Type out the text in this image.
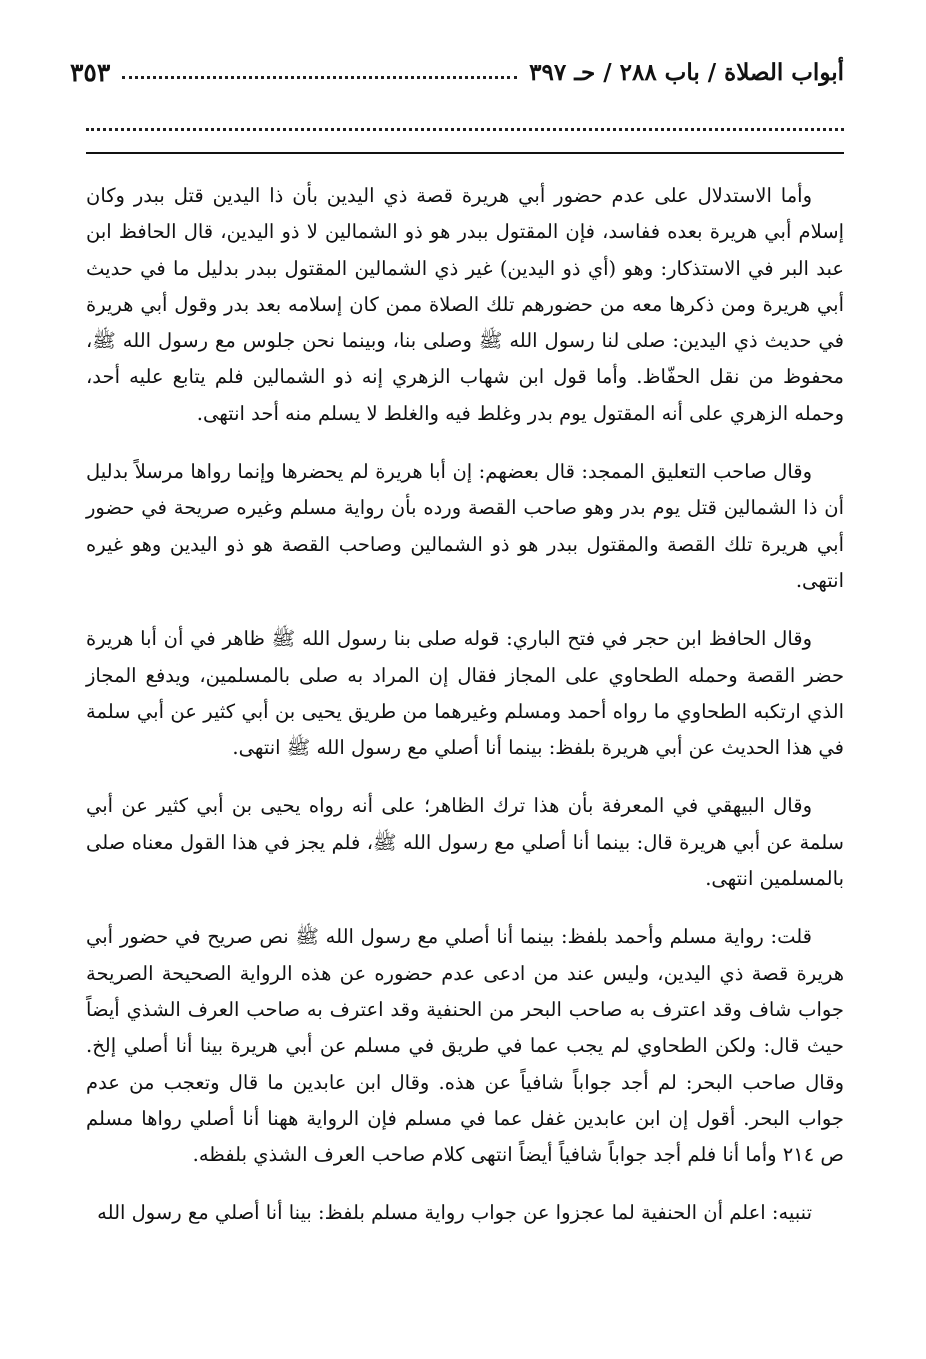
أبواب الصلاة / باب ٢٨٨ / حـ ٣٩٧
٣٥٣

وأما الاستدلال على عدم حضور أبي هريرة قصة ذي اليدين بأن ذا اليدين قتل ببدر وكان إسلام أبي هريرة بعده ففاسد، فإن المقتول ببدر هو ذو الشمالين لا ذو اليدين، قال الحافظ ابن عبد البر في الاستذكار: وهو (أي ذو اليدين) غير ذي الشمالين المقتول ببدر بدليل ما في حديث أبي هريرة ومن ذكرها معه من حضورهم تلك الصلاة ممن كان إسلامه بعد بدر وقول أبي هريرة في حديث ذي اليدين: صلى لنا رسول الله ﷺ وصلى بنا، وبينما نحن جلوس مع رسول الله ﷺ، محفوظ من نقل الحفّاظ. وأما قول ابن شهاب الزهري إنه ذو الشمالين فلم يتابع عليه أحد، وحمله الزهري على أنه المقتول يوم بدر وغلط فيه والغلط لا يسلم منه أحد انتهى.

وقال صاحب التعليق الممجد: قال بعضهم: إن أبا هريرة لم يحضرها وإنما رواها مرسلاً بدليل أن ذا الشمالين قتل يوم بدر وهو صاحب القصة ورده بأن رواية مسلم وغيره صريحة في حضور أبي هريرة تلك القصة والمقتول ببدر هو ذو الشمالين وصاحب القصة هو ذو اليدين وهو غيره انتهى.

وقال الحافظ ابن حجر في فتح الباري: قوله صلى بنا رسول الله ﷺ ظاهر في أن أبا هريرة حضر القصة وحمله الطحاوي على المجاز فقال إن المراد به صلى بالمسلمين، ويدفع المجاز الذي ارتكبه الطحاوي ما رواه أحمد ومسلم وغيرهما من طريق يحيى بن أبي كثير عن أبي سلمة في هذا الحديث عن أبي هريرة بلفظ: بينما أنا أصلي مع رسول الله ﷺ انتهى.

وقال البيهقي في المعرفة بأن هذا ترك الظاهر؛ على أنه رواه يحيى بن أبي كثير عن أبي سلمة عن أبي هريرة قال: بينما أنا أصلي مع رسول الله ﷺ، فلم يجز في هذا القول معناه صلى بالمسلمين انتهى.

قلت: رواية مسلم وأحمد بلفظ: بينما أنا أصلي مع رسول الله ﷺ نص صريح في حضور أبي هريرة قصة ذي اليدين، وليس عند من ادعى عدم حضوره عن هذه الرواية الصحيحة الصريحة جواب شاف وقد اعترف به صاحب البحر من الحنفية وقد اعترف به صاحب العرف الشذي أيضاً حيث قال: ولكن الطحاوي لم يجب عما في طريق في مسلم عن أبي هريرة بينا أنا أصلي إلخ. وقال صاحب البحر: لم أجد جواباً شافياً عن هذه. وقال ابن عابدين ما قال وتعجب من عدم جواب البحر. أقول إن ابن عابدين غفل عما في مسلم فإن الرواية ههنا أنا أصلي رواها مسلم ص ٢١٤ وأما أنا فلم أجد جواباً شافياً أيضاً انتهى كلام صاحب العرف الشذي بلفظه.

تنبيه: اعلم أن الحنفية لما عجزوا عن جواب رواية مسلم بلفظ: بينا أنا أصلي مع رسول الله
